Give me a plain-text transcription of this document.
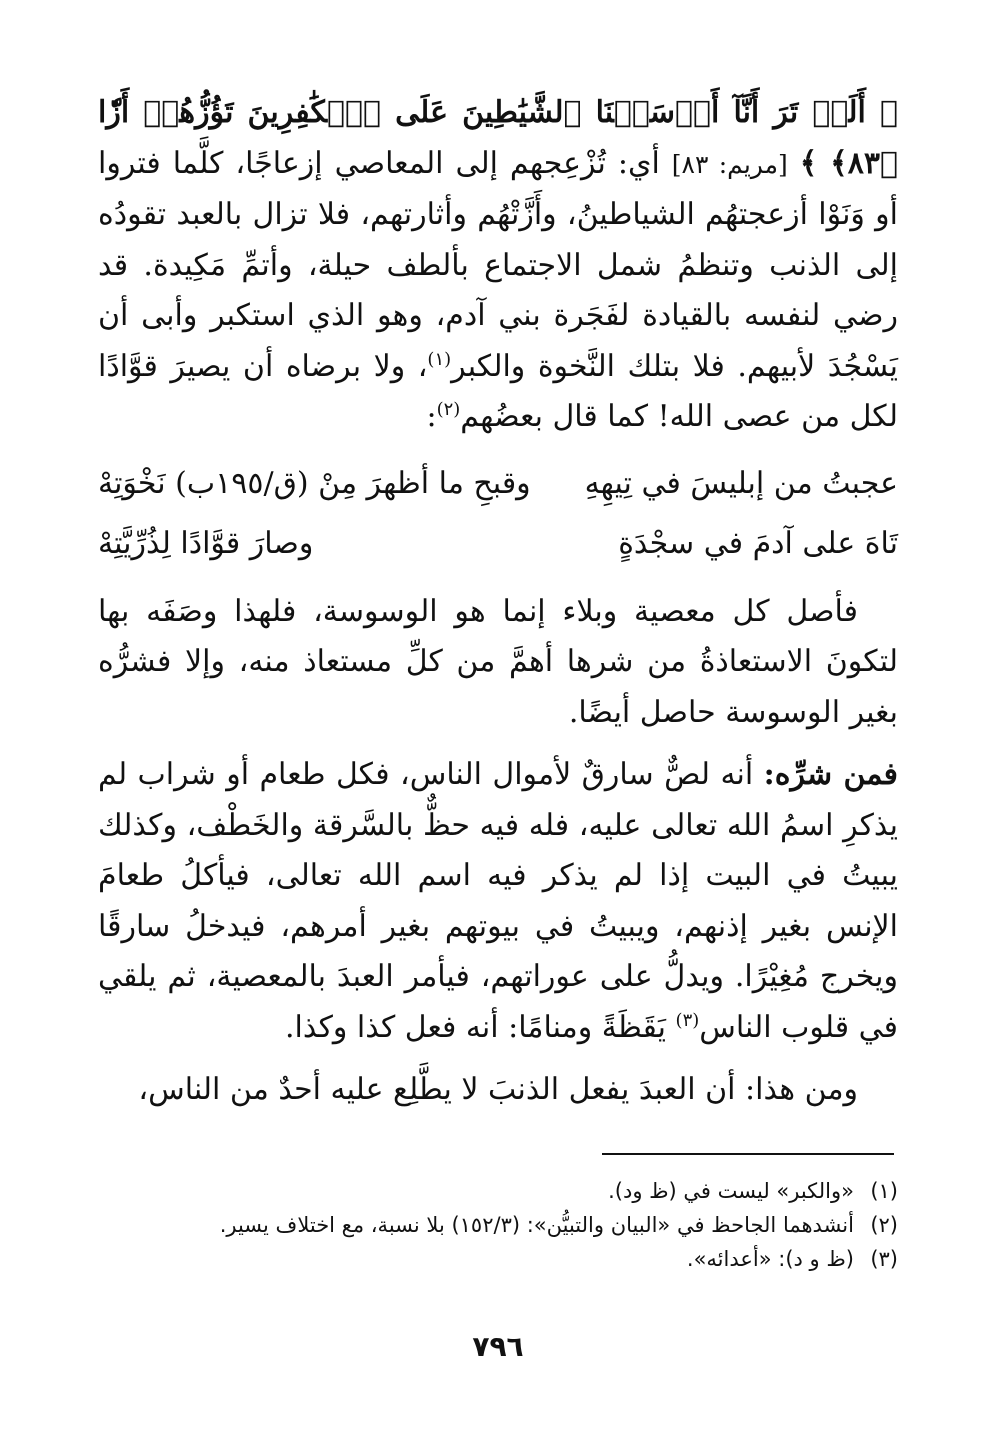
﴿ أَلَمۡ تَرَ أَنَّآ أَرۡسَلۡنَا ٱلشَّيَٰطِينَ عَلَى ٱلۡكَٰفِرِينَ تَؤُزُّهُمۡ أَزّٗا ﴿٨٣﴾ ﴾ [مريم: ٨٣] أي: تُزْعِجهم إلى المعاصي إزعاجًا، كلَّما فتروا أو وَنَوْا أزعجتهُم الشياطينُ، وأَزَّتْهُم وأثارتهم، فلا تزال بالعبد تقودُه إلى الذنب وتنظمُ شمل الاجتماع بألطف حيلة، وأتمِّ مَكِيدة. قد رضي لنفسه بالقيادة لفَجَرة بني آدم، وهو الذي استكبر وأبى أن يَسْجُدَ لأبيهم. فلا بتلك النَّخوة والكبر$^{(١)}$، ولا برضاه أن يصيرَ قوَّادًا لكل من عصى الله! كما قال بعضُهم$^{(٢)}$:

عجبتُ من إبليسَ في تِيهِهِ
وقبحِ ما أظهرَ مِنْ (ق/١٩٥ب) نَخْوَتِهْ
تَاهَ على آدمَ في سجْدَةٍ
وصارَ قوَّادًا لِذُرِّيَّتِهْ

فأصل كل معصية وبلاء إنما هو الوسوسة، فلهذا وصَفَه بها لتكونَ الاستعاذةُ من شرها أهمَّ من كلِّ مستعاذ منه، وإلا فشرُّه بغير الوسوسة حاصل أيضًا.

فمن شرِّه: أنه لصٌّ سارقٌ لأموال الناس، فكل طعام أو شراب لم يذكرِ اسمُ الله تعالى عليه، فله فيه حظٌّ بالسَّرقة والخَطْف، وكذلك يبيتُ في البيت إذا لم يذكر فيه اسم الله تعالى، فيأكلُ طعامَ الإنس بغير إذنهم، ويبيتُ في بيوتهم بغير أمرهم، فيدخلُ سارقًا ويخرج مُغِيْرًا. ويدلُّ على عوراتهم، فيأمر العبدَ بالمعصية، ثم يلقي في قلوب الناس$^{(٣)}$ يَقَظَةً ومنامًا: أنه فعل كذا وكذا.

ومن هذا: أن العبدَ يفعل الذنبَ لا يطَّلِع عليه أحدٌ من الناس،

(١)«والكبر» ليست في (ظ ود).

(٢)أنشدهما الجاحظ في «البيان والتبيُّن»: (١٥٢/٣) بلا نسبة، مع اختلاف يسير.

(٣)(ظ و د): «أعدائه».

٧٩٦
